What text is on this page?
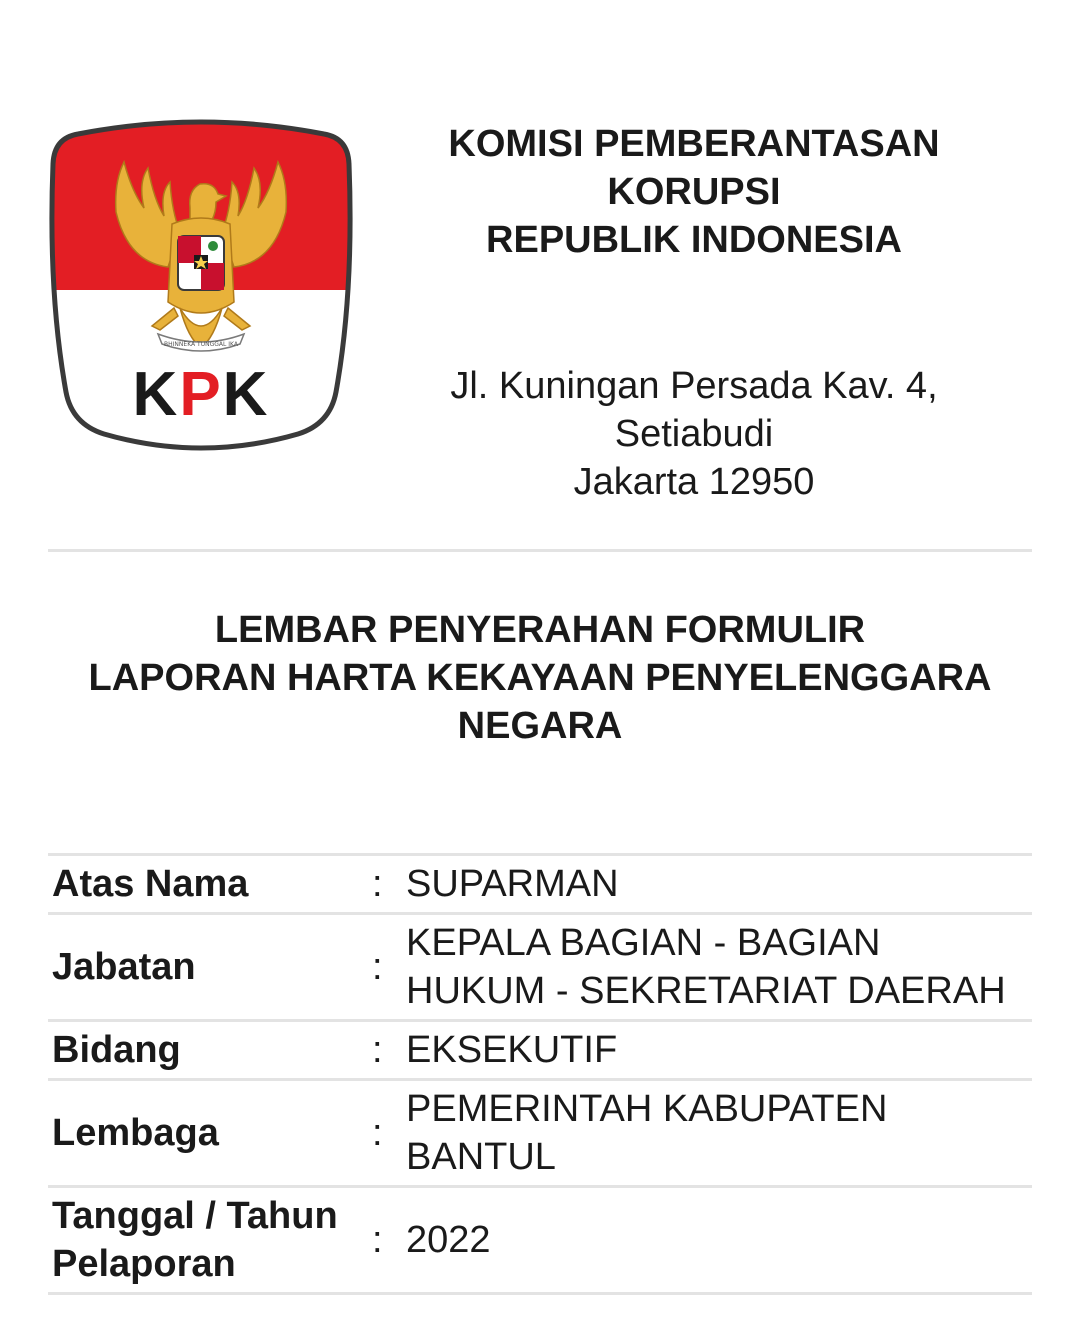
BHINNEKA TUNGGAL IKA
KPK
KOMISI PEMBERANTASAN
KORUPSI
REPUBLIK INDONESIA
Jl. Kuningan Persada Kav. 4,
Setiabudi
Jakarta 12950
LEMBAR PENYERAHAN FORMULIR
LAPORAN HARTA KEKAYAAN PENYELENGGARA
NEGARA
Atas Nama	:	SUPARMAN

Jabatan	:	KEPALA BAGIAN - BAGIAN
HUKUM - SEKRETARIAT DAERAH

Bidang	:	EKSEKUTIF

Lembaga	:	PEMERINTAH KABUPATEN
BANTUL

Tanggal / Tahun
Pelaporan	:	2022
